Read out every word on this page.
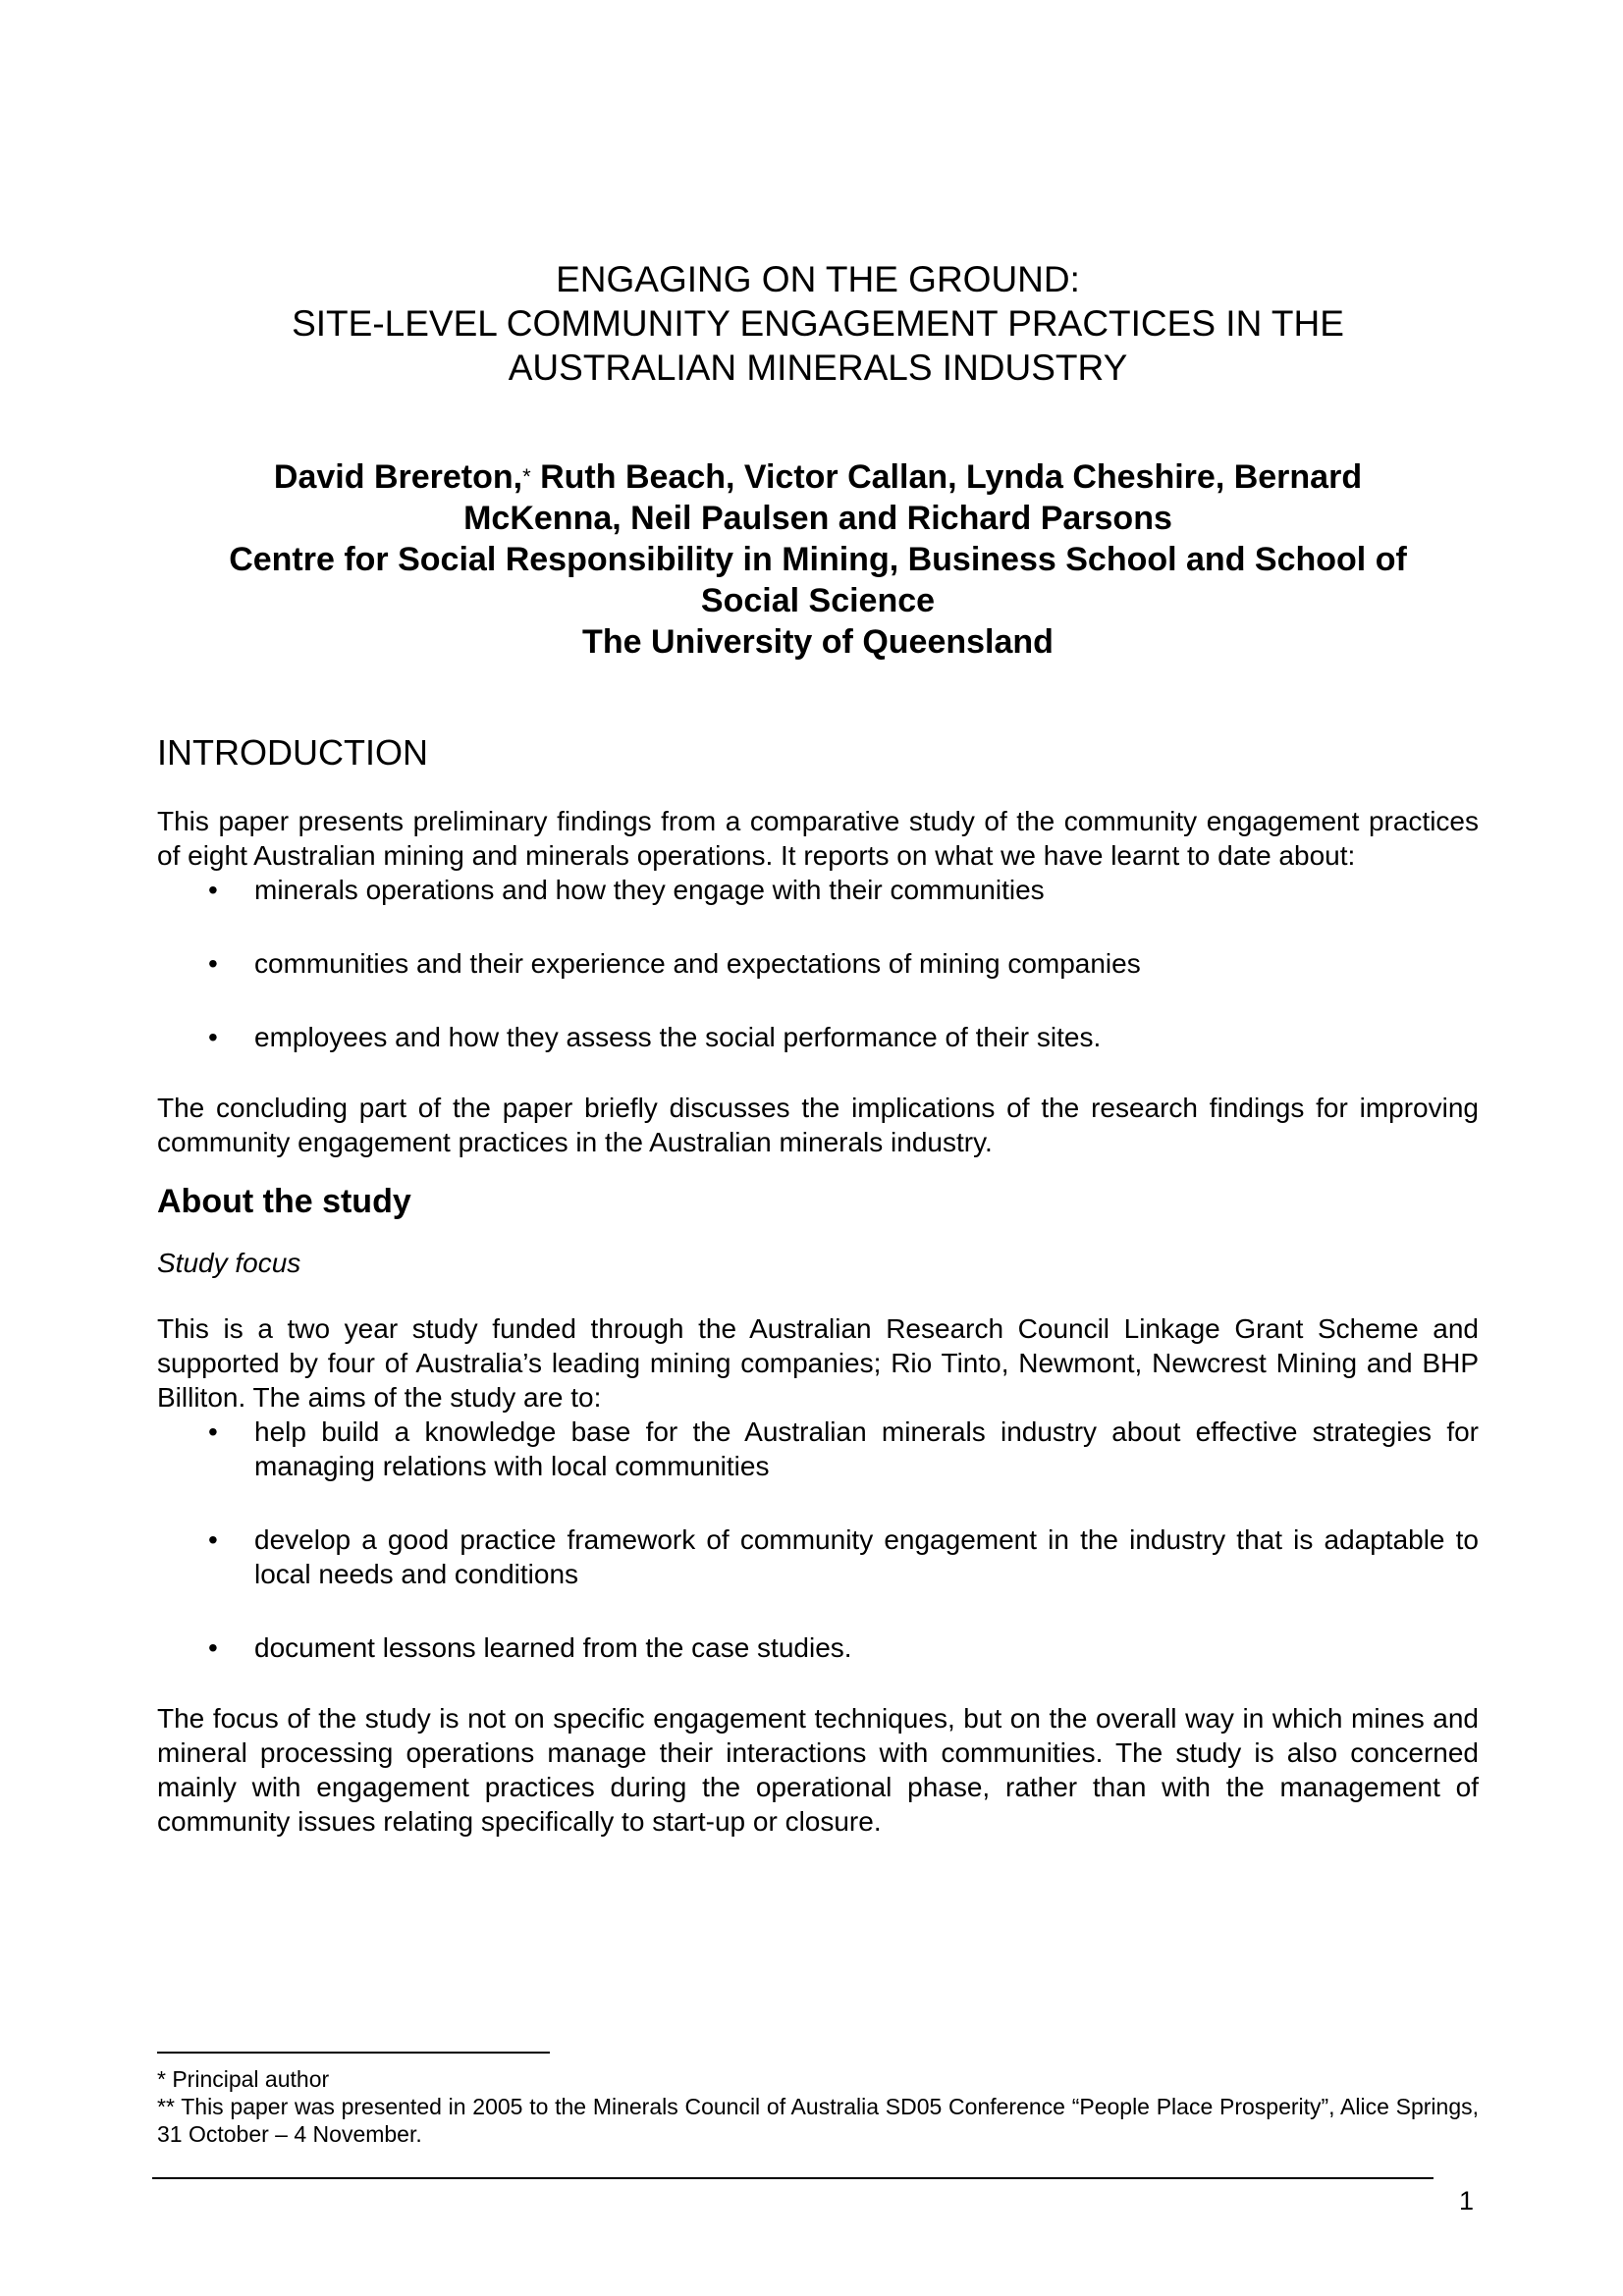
ENGAGING ON THE GROUND:
SITE-LEVEL COMMUNITY ENGAGEMENT PRACTICES IN THE
AUSTRALIAN MINERALS INDUSTRY
David Brereton,* Ruth Beach, Victor Callan, Lynda Cheshire, Bernard
McKenna, Neil Paulsen and Richard Parsons
Centre for Social Responsibility in Mining, Business School and School of
Social Science
The University of Queensland
INTRODUCTION

This paper presents preliminary findings from a comparative study of the community engagement practices of eight Australian mining and minerals operations. It reports on what we have learnt to date about:

• minerals operations and how they engage with their communities
• communities and their experience and expectations of mining companies
• employees and how they assess the social performance of their sites.

The concluding part of the paper briefly discusses the implications of the research findings for improving community engagement practices in the Australian minerals industry.

About the study
Study focus

This is a two year study funded through the Australian Research Council Linkage Grant Scheme and supported by four of Australia’s leading mining companies; Rio Tinto, Newmont, Newcrest Mining and BHP Billiton. The aims of the study are to:

• help build a knowledge base for the Australian minerals industry about effective strategies for managing relations with local communities
• develop a good practice framework of community engagement in the industry that is adaptable to local needs and conditions
• document lessons learned from the case studies.

The focus of the study is not on specific engagement techniques, but on the overall way in which mines and mineral processing operations manage their interactions with communities. The study is also concerned mainly with engagement practices during the operational phase, rather than with the management of community issues relating specifically to start-up or closure.

* Principal author
** This paper was presented in 2005 to the Minerals Council of Australia SD05 Conference “People Place Prosperity”, Alice Springs, 31 October – 4 November.
1
